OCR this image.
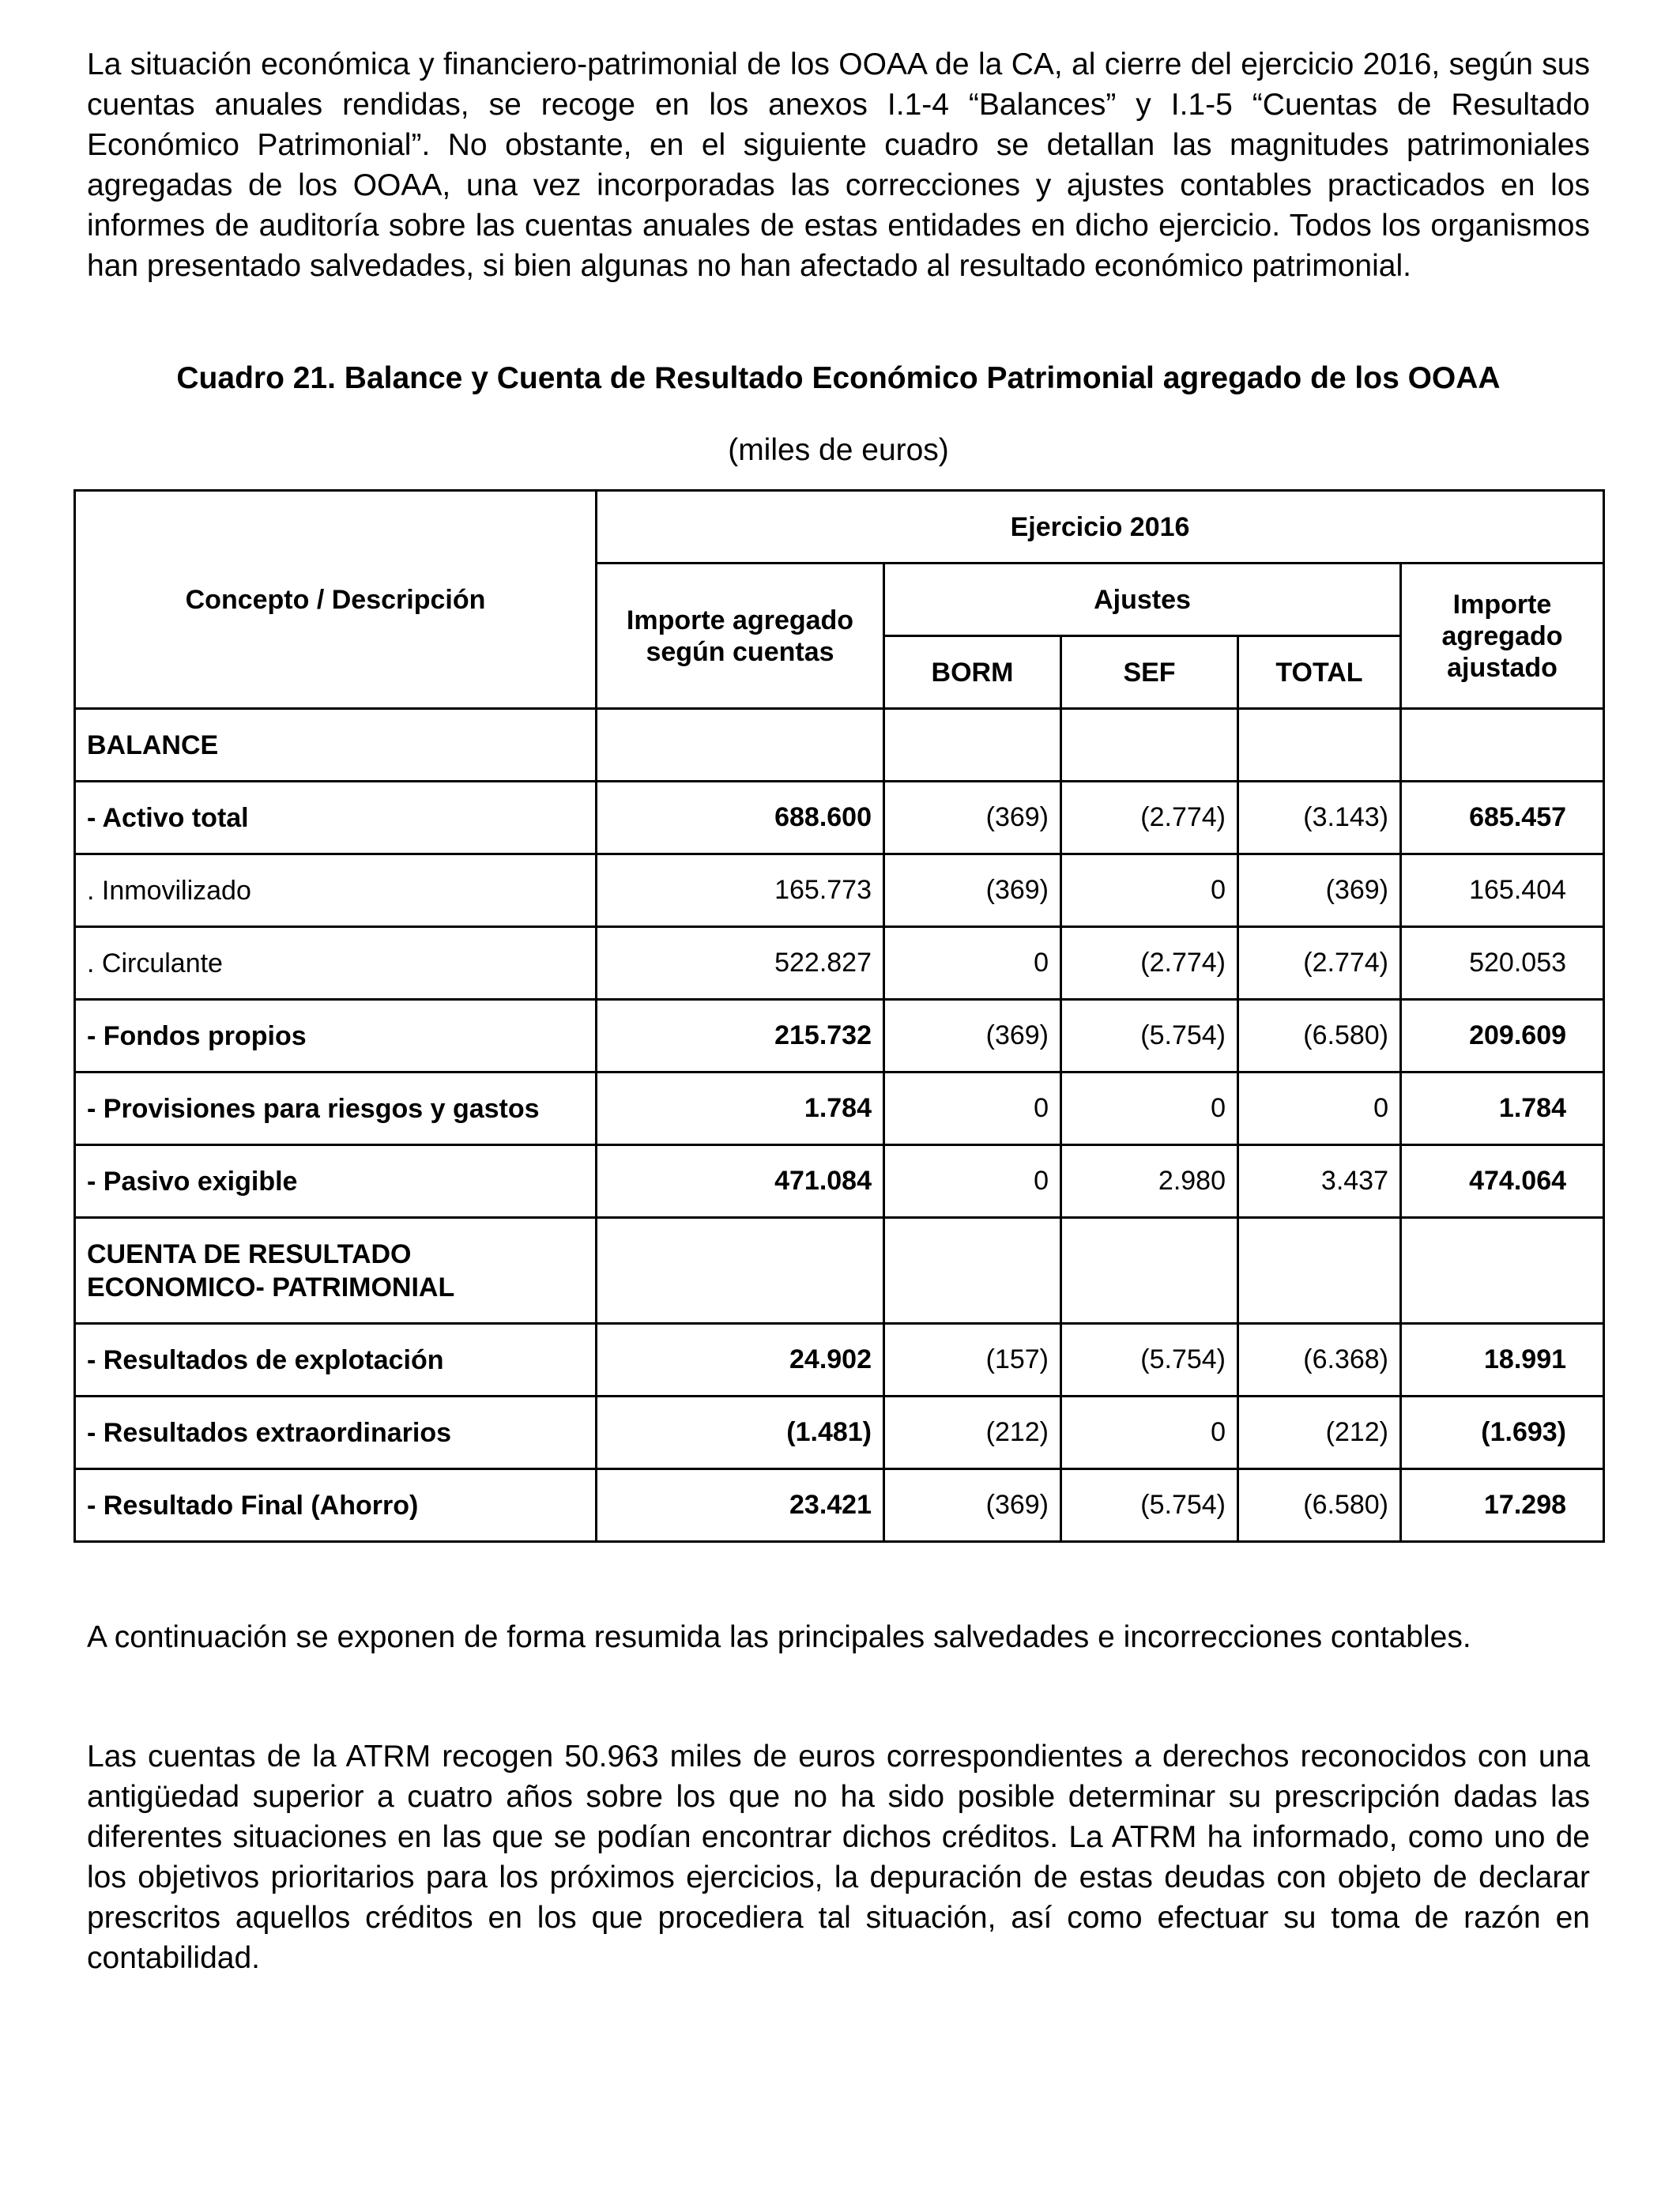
La situación económica y financiero-patrimonial de los OOAA de la CA, al cierre del ejercicio 2016, según sus cuentas anuales rendidas, se recoge en los anexos I.1-4 “Balances” y I.1-5 “Cuentas de Resultado Económico Patrimonial”. No obstante, en el siguiente cuadro se detallan las magnitudes patrimoniales agregadas de los OOAA, una vez incorporadas las correcciones y ajustes contables practicados en los informes de auditoría sobre las cuentas anuales de estas entidades en dicho ejercicio. Todos los organismos han presentado salvedades, si bien algunas no han afectado al resultado económico patrimonial.

Cuadro 21. Balance y Cuenta de Resultado Económico Patrimonial agregado de los OOAA

(miles de euros)

Concepto / Descripción	Ejercicio 2016				
	Importe agregado según cuentas	Ajustes			Importe agregado ajustado
		BORM	SEF	TOTAL	
BALANCE					
- Activo total	688.600	(369)	(2.774)	(3.143)	685.457
. Inmovilizado	165.773	(369)	0	(369)	165.404
. Circulante	522.827	0	(2.774)	(2.774)	520.053
- Fondos propios	215.732	(369)	(5.754)	(6.580)	209.609
- Provisiones para riesgos y gastos	1.784	0	0	0	1.784
- Pasivo exigible	471.084	0	2.980	3.437	474.064
CUENTA DE RESULTADO ECONOMICO- PATRIMONIAL					
- Resultados de explotación	24.902	(157)	(5.754)	(6.368)	18.991
- Resultados extraordinarios	(1.481)	(212)	0	(212)	(1.693)
- Resultado Final (Ahorro)	23.421	(369)	(5.754)	(6.580)	17.298

A continuación se exponen de forma resumida las principales salvedades e incorrecciones contables.

Las cuentas de la ATRM recogen 50.963 miles de euros correspondientes a derechos reconocidos con una antigüedad superior a cuatro años sobre los que no ha sido posible determinar su prescripción dadas las diferentes situaciones en las que se podían encontrar dichos créditos. La ATRM ha informado, como uno de los objetivos prioritarios para los próximos ejercicios, la depuración de estas deudas con objeto de declarar prescritos aquellos créditos en los que procediera tal situación, así como efectuar su toma de razón en contabilidad.
